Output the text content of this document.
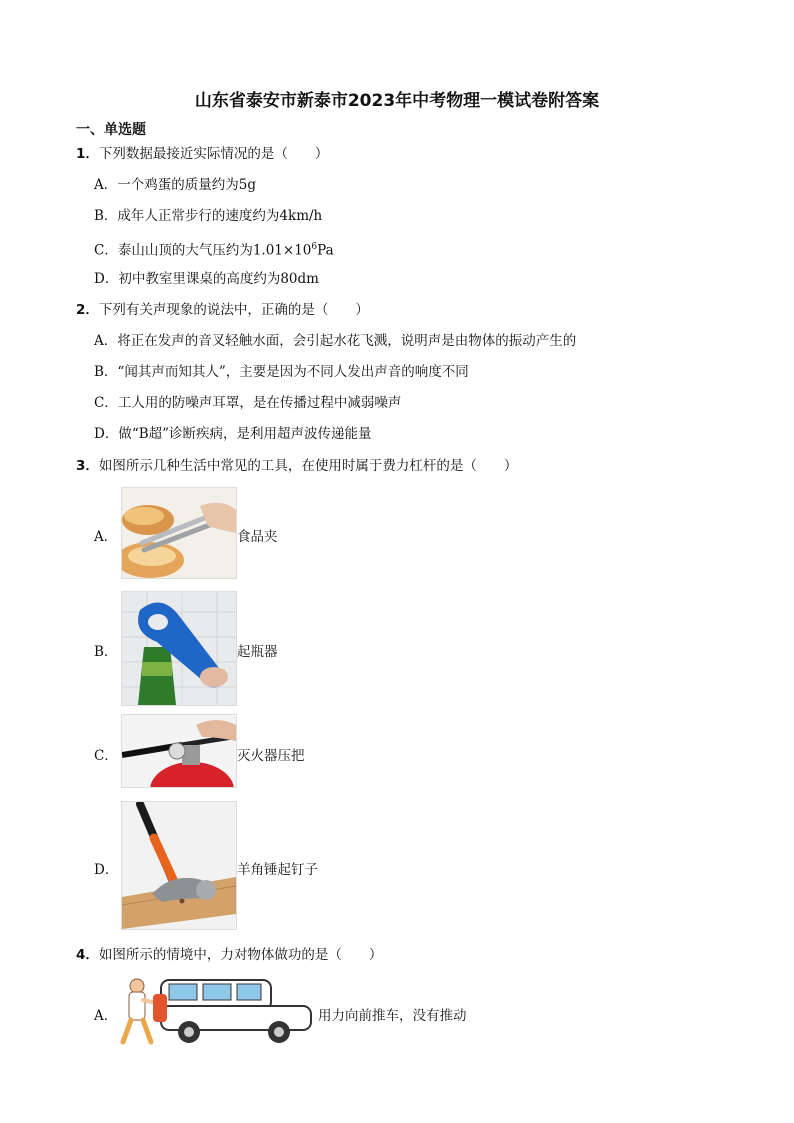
山东省泰安市新泰市2023年中考物理一模试卷附答案
一、单选题
1．下列数据最接近实际情况的是（　　）
A．一个鸡蛋的质量约为5g
B．成年人正常步行的速度约为4km/h
C．泰山山顶的大气压约为$1.01\times 10^6Pa$
D．初中教室里课桌的高度约为80dm
2．下列有关声现象的说法中，正确的是（　　）
A．将正在发声的音叉轻触水面，会引起水花飞溅，说明声是由物体的振动产生的
B．“闻其声而知其人”，主要是因为不同人发出声音的响度不同
C．工人用的防噪声耳罩，是在传播过程中减弱噪声
D．做“B超”诊断疾病，是利用超声波传递能量
3．如图所示几种生活中常见的工具，在使用时属于费力杠杆的是（　　）
A．	食品夹
B．	起瓶器
C．	灭火器压把
D．	羊角锤起钉子
4．如图所示的情境中，力对物体做功的是（　　）
A．	用力向前推车，没有推动
